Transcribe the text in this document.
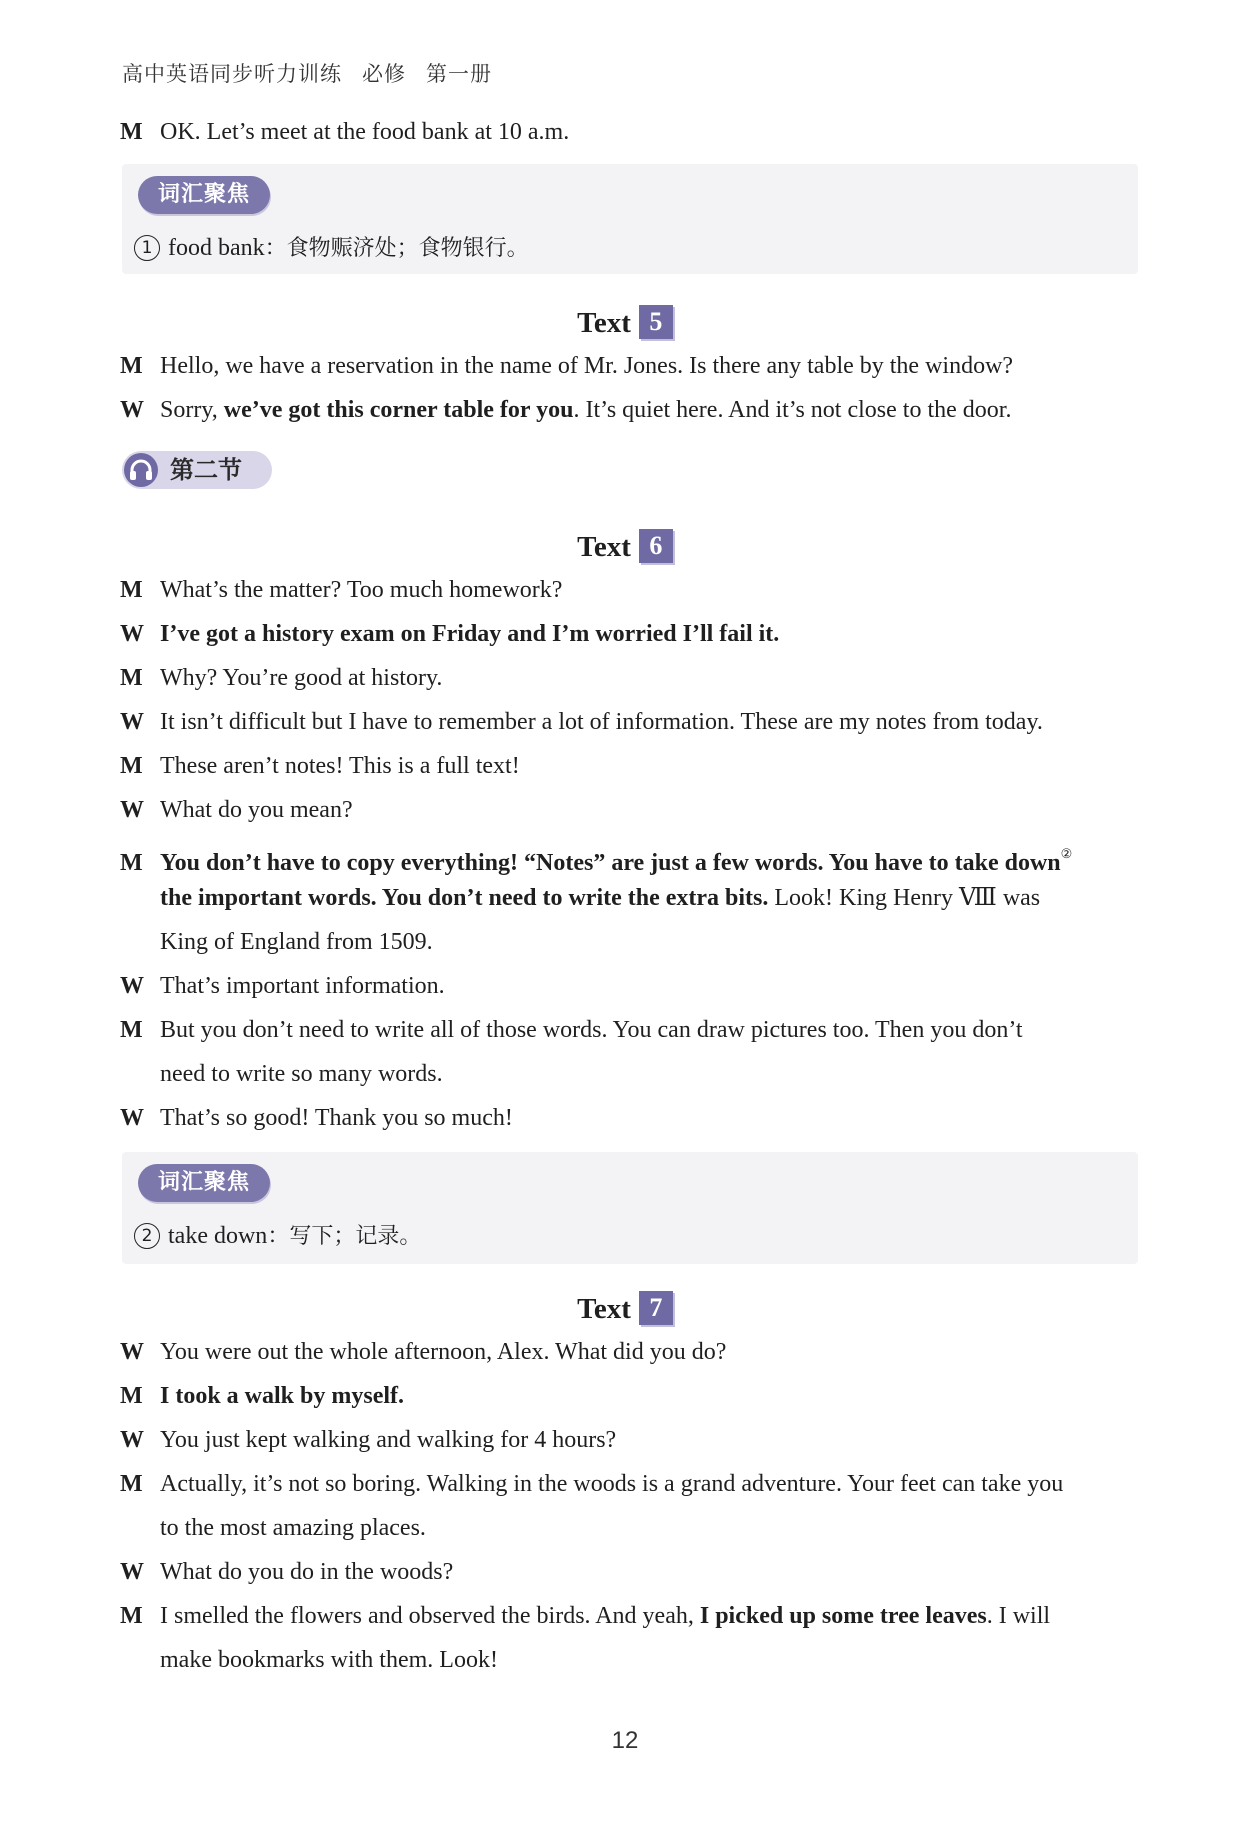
高中英语同步听力训练 必修 第一册
M OK. Let’s meet at the food bank at 10 a.m.
词汇聚焦
1 food bank：食物赈济处；食物银行。
Text 5
M Hello, we have a reservation in the name of Mr. Jones. Is there any table by the window?
W Sorry, we’ve got this corner table for you. It’s quiet here. And it’s not close to the door.
第二节
Text 6
M What’s the matter? Too much homework?
W I’ve got a history exam on Friday and I’m worried I’ll fail it.
M Why? You’re good at history.
W It isn’t difficult but I have to remember a lot of information. These are my notes from today.
M These aren’t notes! This is a full text!
W What do you mean?
M You don’t have to copy everything! “Notes” are just a few words. You have to take down②
the important words. You don’t need to write the extra bits. Look! King Henry Ⅷ was
King of England from 1509.
W That’s important information.
M But you don’t need to write all of those words. You can draw pictures too. Then you don’t
need to write so many words.
W That’s so good! Thank you so much!
词汇聚焦
2 take down：写下；记录。
Text 7
W You were out the whole afternoon, Alex. What did you do?
M I took a walk by myself.
W You just kept walking and walking for 4 hours?
M Actually, it’s not so boring. Walking in the woods is a grand adventure. Your feet can take you
to the most amazing places.
W What do you do in the woods?
M I smelled the flowers and observed the birds. And yeah, I picked up some tree leaves. I will
make bookmarks with them. Look!
12
